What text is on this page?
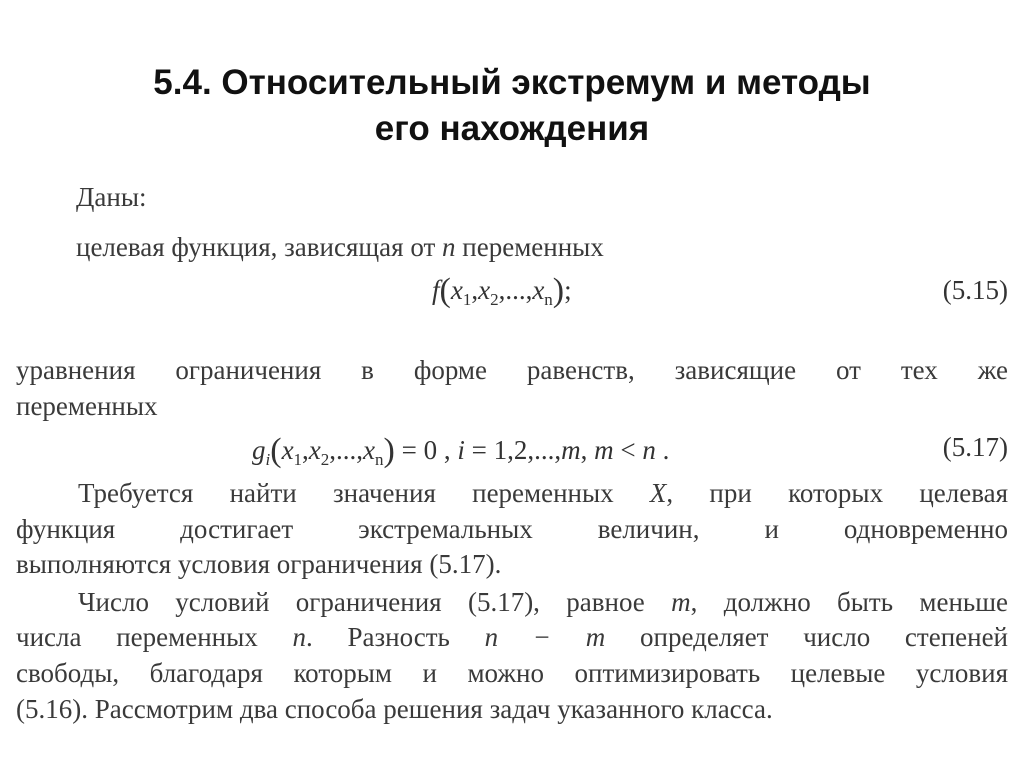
5.4. Относительный экстремум и методы
его нахождения
Даны:
целевая функция, зависящая от n переменных
$f(x_1,x_2,...,x_n)$;	(5.15)
уравнения ограничения в форме равенств, зависящие от тех же
переменных
$g_i(x_1,x_2,...,x_n) = 0$ , i = 1,2,...,m, m < n .	(5.17)
Требуется найти значения переменных X, при которых целевая
функция достигает экстремальных величин, и одновременно
выполняются условия ограничения (5.17).
Число условий ограничения (5.17), равное m, должно быть меньше
числа переменных n. Разность n − m определяет число степеней
свободы, благодаря которым и можно оптимизировать целевые условия
(5.16). Рассмотрим два способа решения задач указанного класса.
